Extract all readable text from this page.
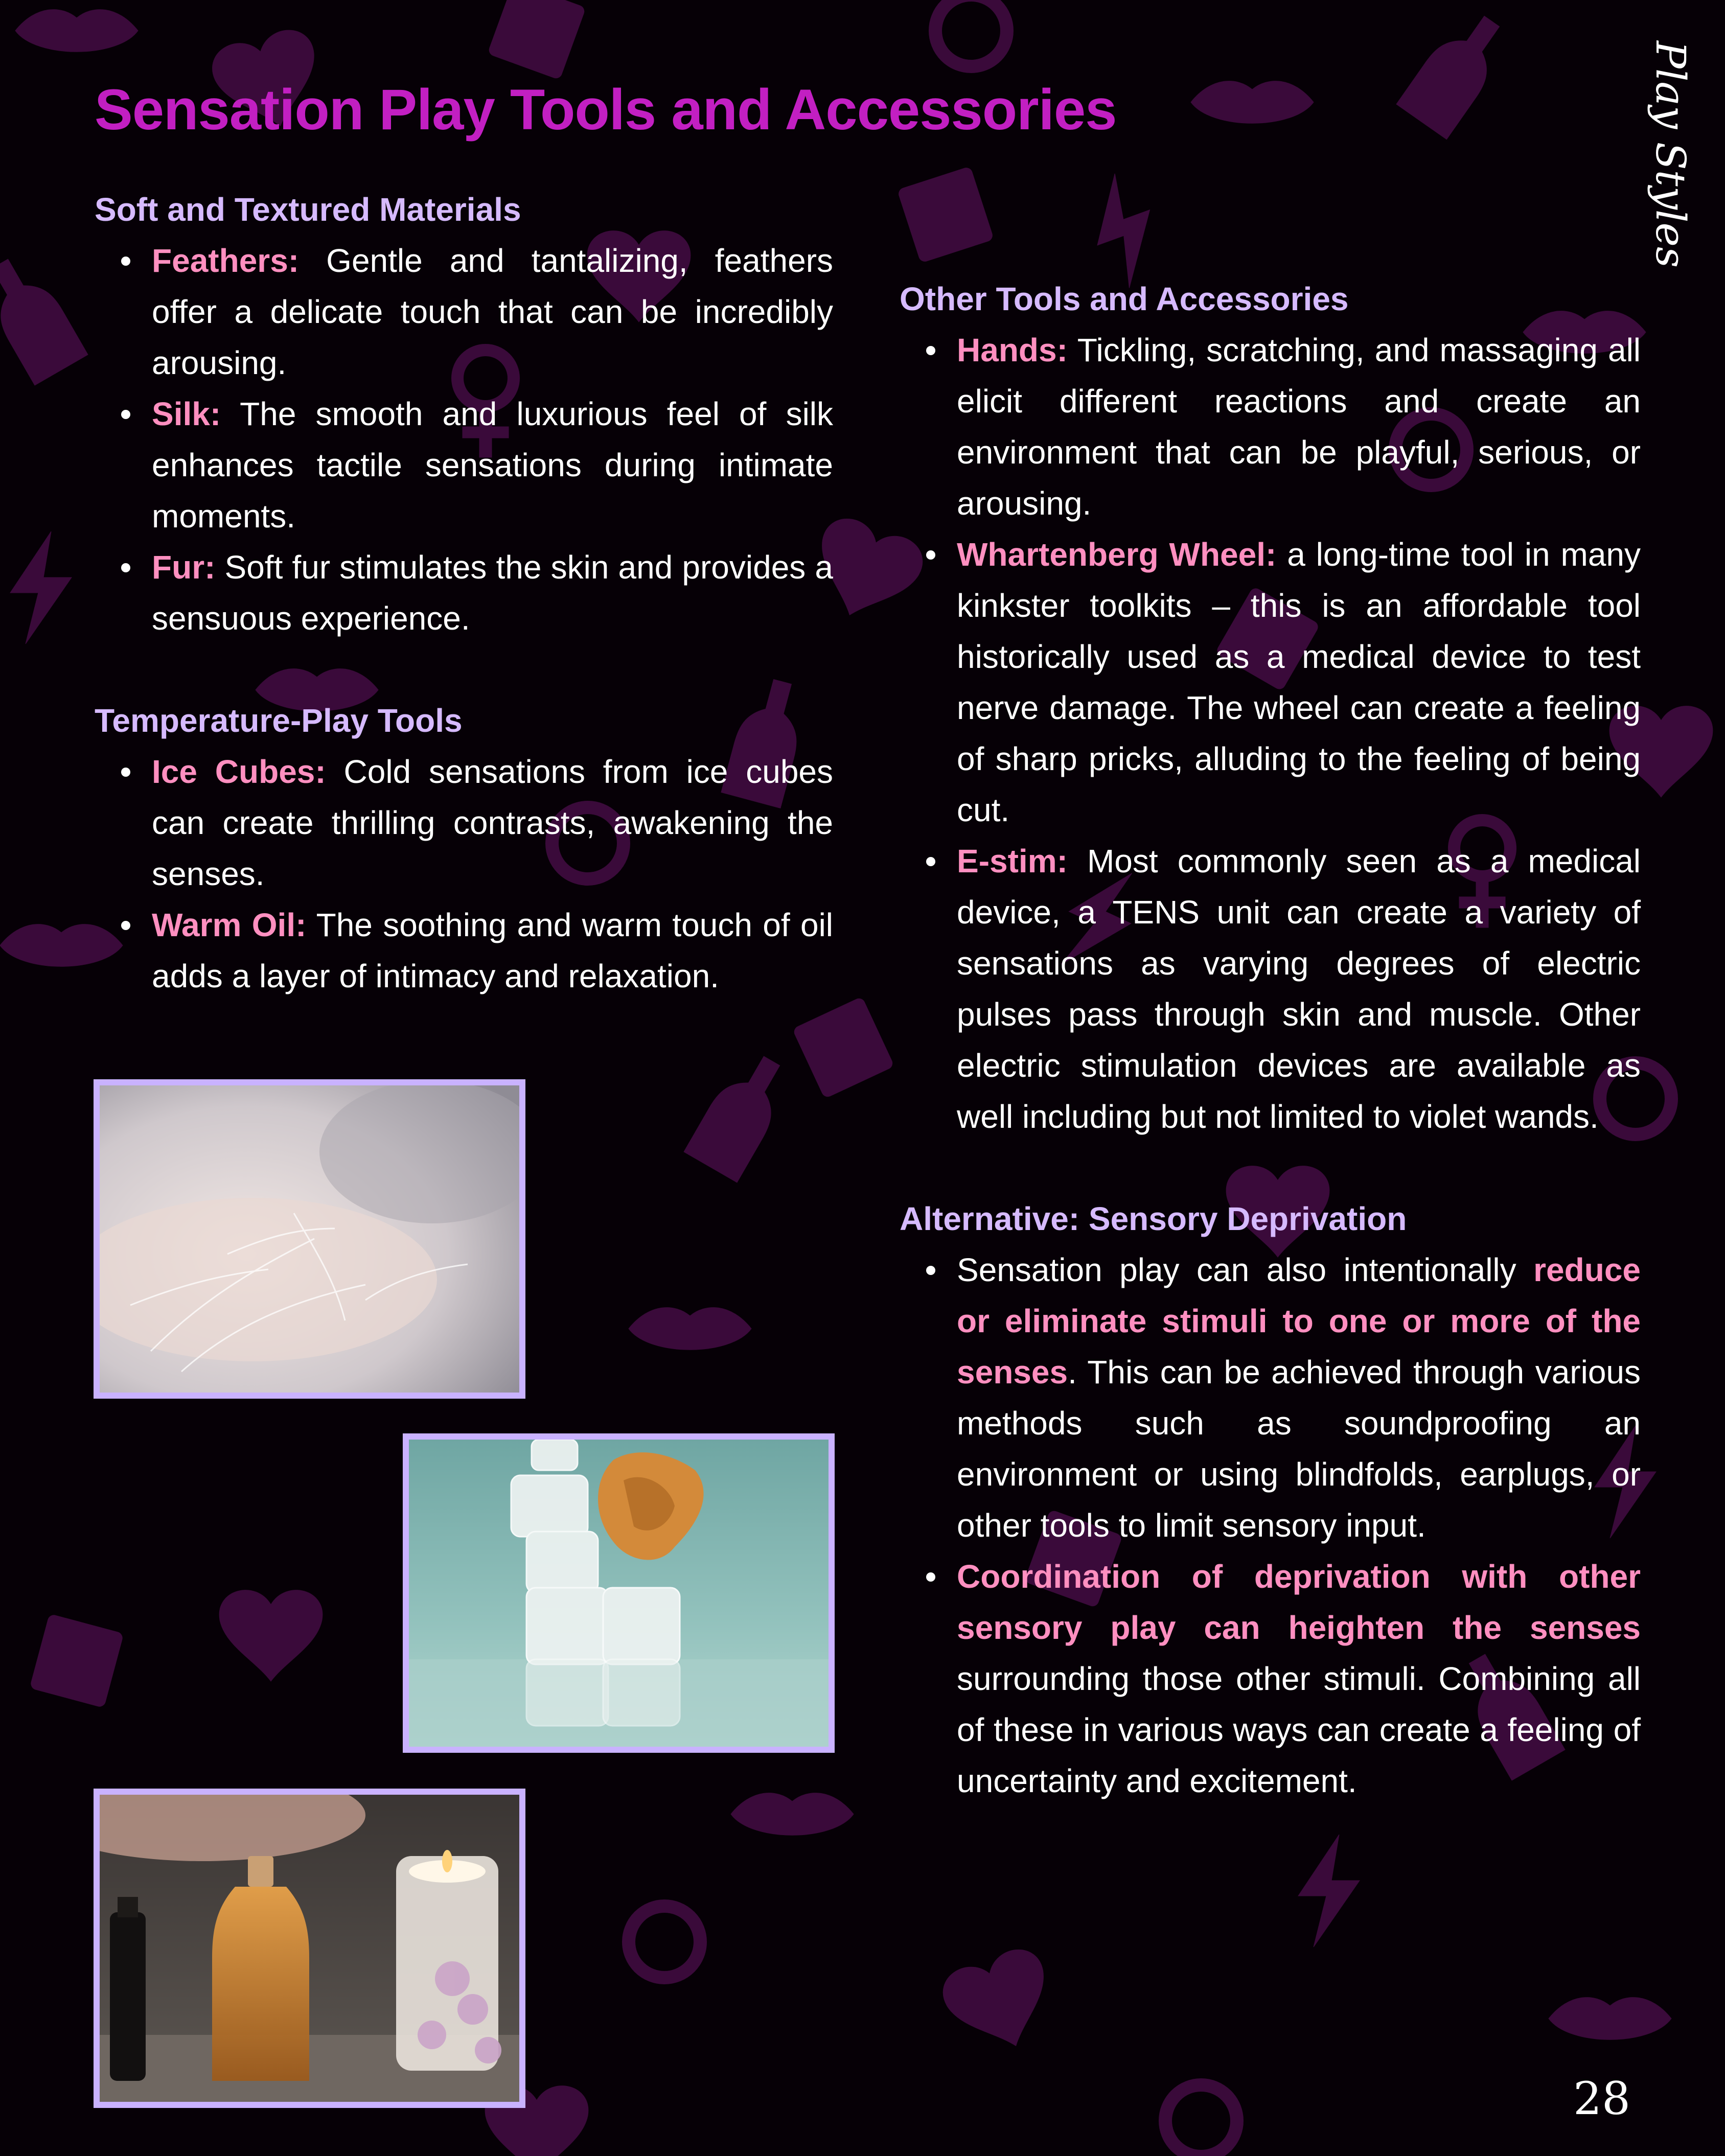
Sensation Play Tools and Accessories	Play Styles
Soft and Textured Materials
Feathers: Gentle and tantalizing, feathers offer a delicate touch that can be incredibly arousing.
Silk: The smooth and luxurious feel of silk enhances tactile sensations during intimate moments.
Fur: Soft fur stimulates the skin and provides a sensuous experience.
Temperature-Play Tools
Ice Cubes: Cold sensations from ice cubes can create thrilling contrasts, awakening the senses.
Warm Oil: The soothing and warm touch of oil adds a layer of intimacy and relaxation.
Other Tools and Accessories
Hands: Tickling, scratching, and massaging all elicit different reactions and create an environment that can be playful, serious, or arousing.
Whartenberg Wheel: a long-time tool in many kinkster toolkits – this is an affordable tool historically used as a medical device to test nerve damage. The wheel can create a feeling of sharp pricks, alluding to the feeling of being cut.
E-stim: Most commonly seen as a medical device, a TENS unit can create a variety of sensations as varying degrees of electric pulses pass through skin and muscle. Other electric stimulation devices are available as well including but not limited to violet wands.
Alternative: Sensory Deprivation
Sensation play can also intentionally reduce or eliminate stimuli to one or more of the senses. This can be achieved through various methods such as soundproofing an environment or using blindfolds, earplugs, or other tools to limit sensory input.
Coordination of deprivation with other sensory play can heighten the senses surrounding those other stimuli. Combining all of these in various ways can create a feeling of uncertainty and excitement.
28
